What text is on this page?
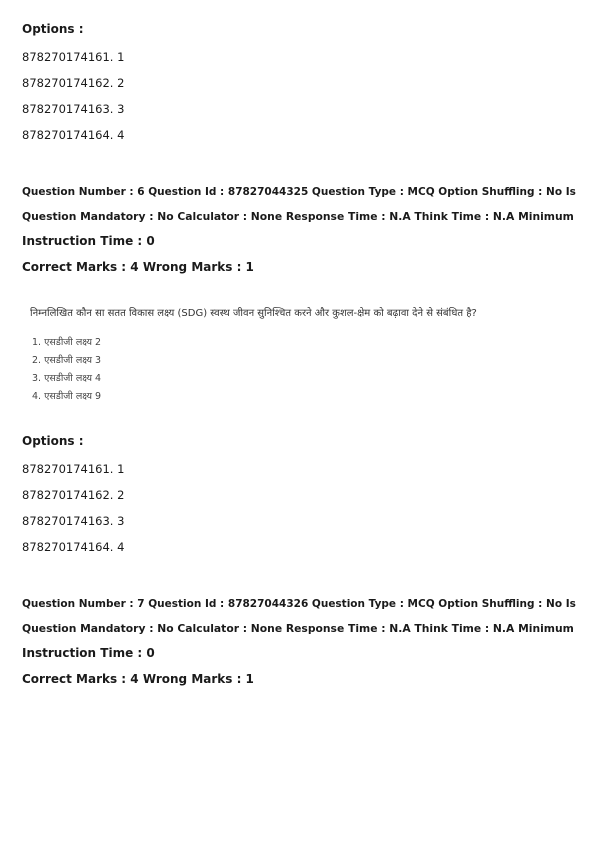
Options :
878270174161. 1
878270174162. 2
878270174163. 3
878270174164. 4
Question Number : 6 Question Id : 87827044325 Question Type : MCQ Option Shuffling : No Is
Question Mandatory : No Calculator : None Response Time : N.A Think Time : N.A Minimum
Instruction Time : 0
Correct Marks : 4 Wrong Marks : 1
निम्नलिखित कौन सा सतत विकास लक्ष्य (SDG) स्वस्थ जीवन सुनिश्चित करने और कुशल-क्षेम को बढ़ावा देने से संबंधित है?
1. एसडीजी लक्ष्य 2
2. एसडीजी लक्ष्य 3
3. एसडीजी लक्ष्य 4
4. एसडीजी लक्ष्य 9
Options :
878270174161. 1
878270174162. 2
878270174163. 3
878270174164. 4
Question Number : 7 Question Id : 87827044326 Question Type : MCQ Option Shuffling : No Is
Question Mandatory : No Calculator : None Response Time : N.A Think Time : N.A Minimum
Instruction Time : 0
Correct Marks : 4 Wrong Marks : 1
